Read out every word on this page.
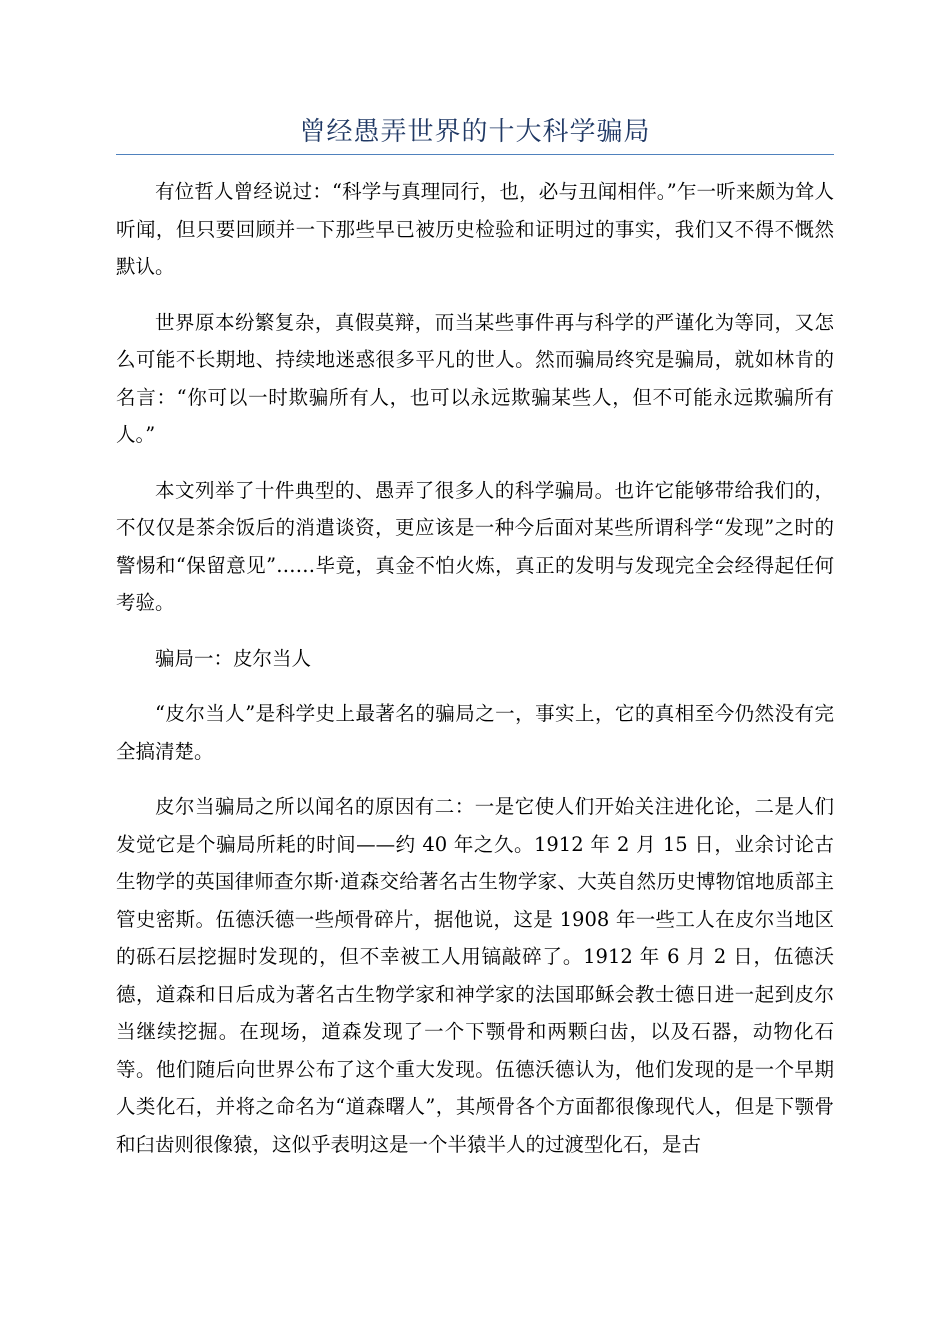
曾经愚弄世界的十大科学骗局

有位哲人曾经说过：“科学与真理同行，也，必与丑闻相伴。”乍一听来颇为耸人听闻，但只要回顾并一下那些早已被历史检验和证明过的事实，我们又不得不慨然默认。

世界原本纷繁复杂，真假莫辩，而当某些事件再与科学的严谨化为等同，又怎么可能不长期地、持续地迷惑很多平凡的世人。然而骗局终究是骗局，就如林肯的名言：“你可以一时欺骗所有人，也可以永远欺骗某些人，但不可能永远欺骗所有人。”

本文列举了十件典型的、愚弄了很多人的科学骗局。也许它能够带给我们的，不仅仅是茶余饭后的消遣谈资，更应该是一种今后面对某些所谓科学“发现”之时的警惕和“保留意见”……毕竟，真金不怕火炼，真正的发明与发现完全会经得起任何考验。

骗局一：皮尔当人

“皮尔当人”是科学史上最著名的骗局之一，事实上，它的真相至今仍然没有完全搞清楚。

皮尔当骗局之所以闻名的原因有二：一是它使人们开始关注进化论，二是人们发觉它是个骗局所耗的时间——约 40 年之久。1912 年 2 月 15 日，业余讨论古生物学的英国律师查尔斯·道森交给著名古生物学家、大英自然历史博物馆地质部主管史密斯。伍德沃德一些颅骨碎片，据他说，这是 1908 年一些工人在皮尔当地区的砾石层挖掘时发现的，但不幸被工人用镐敲碎了。1912 年 6 月 2 日，伍德沃德，道森和日后成为著名古生物学家和神学家的法国耶稣会教士德日进一起到皮尔当继续挖掘。在现场，道森发现了一个下颚骨和两颗臼齿，以及石器，动物化石等。他们随后向世界公布了这个重大发现。伍德沃德认为，他们发现的是一个早期人类化石，并将之命名为“道森曙人”，其颅骨各个方面都很像现代人，但是下颚骨和臼齿则很像猿，这似乎表明这是一个半猿半人的过渡型化石，是古
